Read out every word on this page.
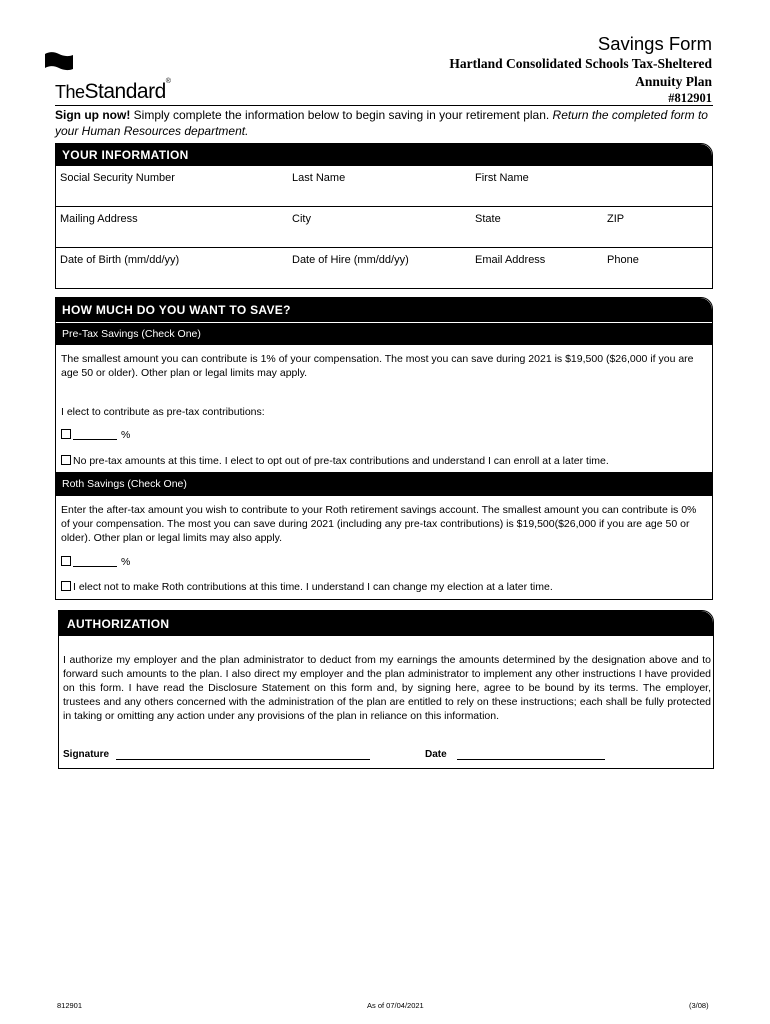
TheStandard®
Savings Form
Hartland Consolidated Schools Tax-Sheltered
Annuity Plan
#812901
Sign up now! Simply complete the information below to begin saving in your retirement plan. Return the completed form to your Human Resources department.
YOUR INFORMATION
Social Security Number	Last Name	First Name
Mailing Address	City	State	ZIP
Date of Birth (mm/dd/yy)	Date of Hire (mm/dd/yy)	Email Address	Phone
HOW MUCH DO YOU WANT TO SAVE?
Pre-Tax Savings (Check One)
The smallest amount you can contribute is 1% of your compensation. The most you can save during 2021 is $19,500 ($26,000 if you are age 50 or older). Other plan or legal limits may apply.
I elect to contribute as pre-tax contributions:
%
No pre-tax amounts at this time. I elect to opt out of pre-tax contributions and understand I can enroll at a later time.
Roth Savings (Check One)
Enter the after-tax amount you wish to contribute to your Roth retirement savings account. The smallest amount you can contribute is 0% of your compensation. The most you can save during 2021 (including any pre-tax contributions) is $19,500($26,000 if you are age 50 or older). Other plan or legal limits may also apply.
%
I elect not to make Roth contributions at this time. I understand I can change my election at a later time.
AUTHORIZATION
I authorize my employer and the plan administrator to deduct from my earnings the amounts determined by the designation above and to forward such amounts to the plan. I also direct my employer and the plan administrator to implement any other instructions I have provided on this form. I have read the Disclosure Statement on this form and, by signing here, agree to be bound by its terms. The employer, trustees and any others concerned with the administration of the plan are entitled to rely on these instructions; each shall be fully protected in taking or omitting any action under any provisions of the plan in reliance on this information.
Signature	Date
812901	As of 07/04/2021	(3/08)
